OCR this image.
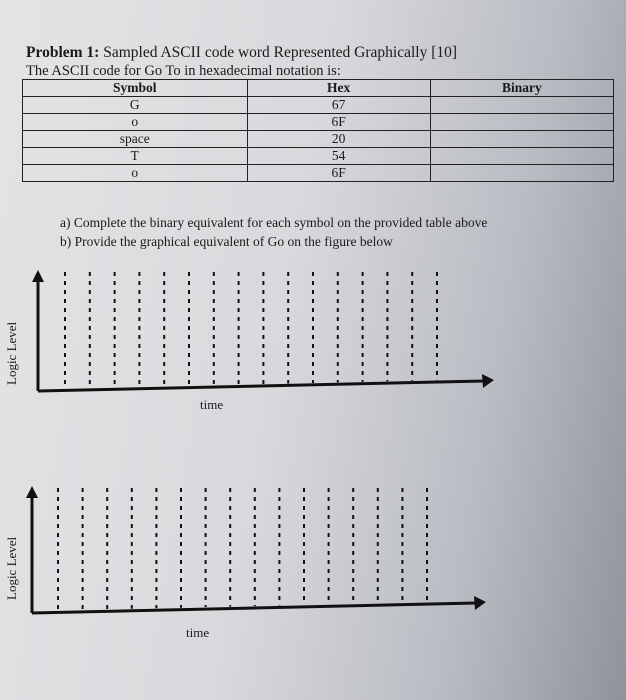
Problem 1: Sampled ASCII code word Represented Graphically [10]
The ASCII code for Go To in hexadecimal notation is:
Symbol	Hex	Binary
G	67	
o	6F	
space	20	
T	54	
o	6F	
a) Complete the binary equivalent for each symbol on the provided table above
b) Provide the graphical equivalent of Go on the figure below
Logic Level
time
Logic Level
time
